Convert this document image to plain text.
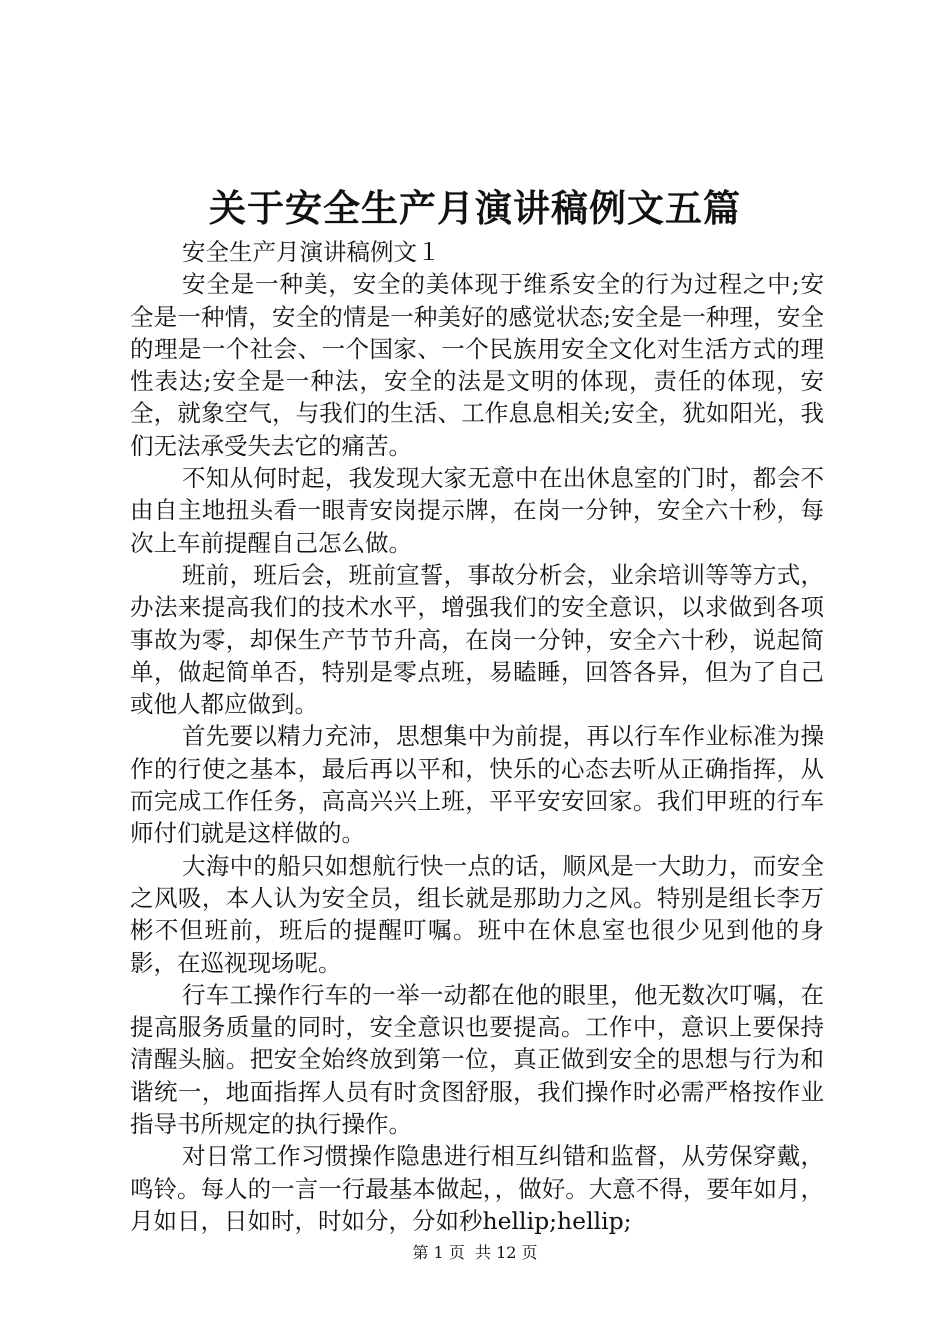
关于安全生产月演讲稿例文五篇

安全生产月演讲稿例文１

安全是一种美，安全的美体现于维系安全的行为过程之中;安全是一种情，安全的情是一种美好的感觉状态;安全是一种理，安全的理是一个社会、一个国家、一个民族用安全文化对生活方式的理性表达;安全是一种法，安全的法是文明的体现，责任的体现，安全，就象空气，与我们的生活、工作息息相关;安全，犹如阳光，我们无法承受失去它的痛苦。

不知从何时起，我发现大家无意中在出休息室的门时，都会不由自主地扭头看一眼青安岗提示牌，在岗一分钟，安全六十秒，每次上车前提醒自己怎么做。

班前，班后会，班前宣誓，事故分析会，业余培训等等方式，办法来提高我们的技术水平，增强我们的安全意识，以求做到各项事故为零，却保生产节节升高，在岗一分钟，安全六十秒，说起简单，做起简单否，特别是零点班，易瞌睡，回答各异，但为了自己或他人都应做到。

首先要以精力充沛，思想集中为前提，再以行车作业标准为操作的行使之基本，最后再以平和，快乐的心态去听从正确指挥，从而完成工作任务，高高兴兴上班，平平安安回家。我们甲班的行车师付们就是这样做的。

大海中的船只如想航行快一点的话，顺风是一大助力，而安全之风吸，本人认为安全员，组长就是那助力之风。特别是组长李万彬不但班前，班后的提醒叮嘱。班中在休息室也很少见到他的身影，在巡视现场呢。

行车工操作行车的一举一动都在他的眼里，他无数次叮嘱，在提高服务质量的同时，安全意识也要提高。工作中，意识上要保持清醒头脑。把安全始终放到第一位，真正做到安全的思想与行为和谐统一，地面指挥人员有时贪图舒服，我们操作时必需严格按作业指导书所规定的执行操作。

对日常工作习惯操作隐患进行相互纠错和监督，从劳保穿戴，鸣铃。每人的一言一行最基本做起，，做好。大意不得，要年如月，月如日，日如时，时如分，分如秒hellip;hellip;

第 1 页  共 12 页
